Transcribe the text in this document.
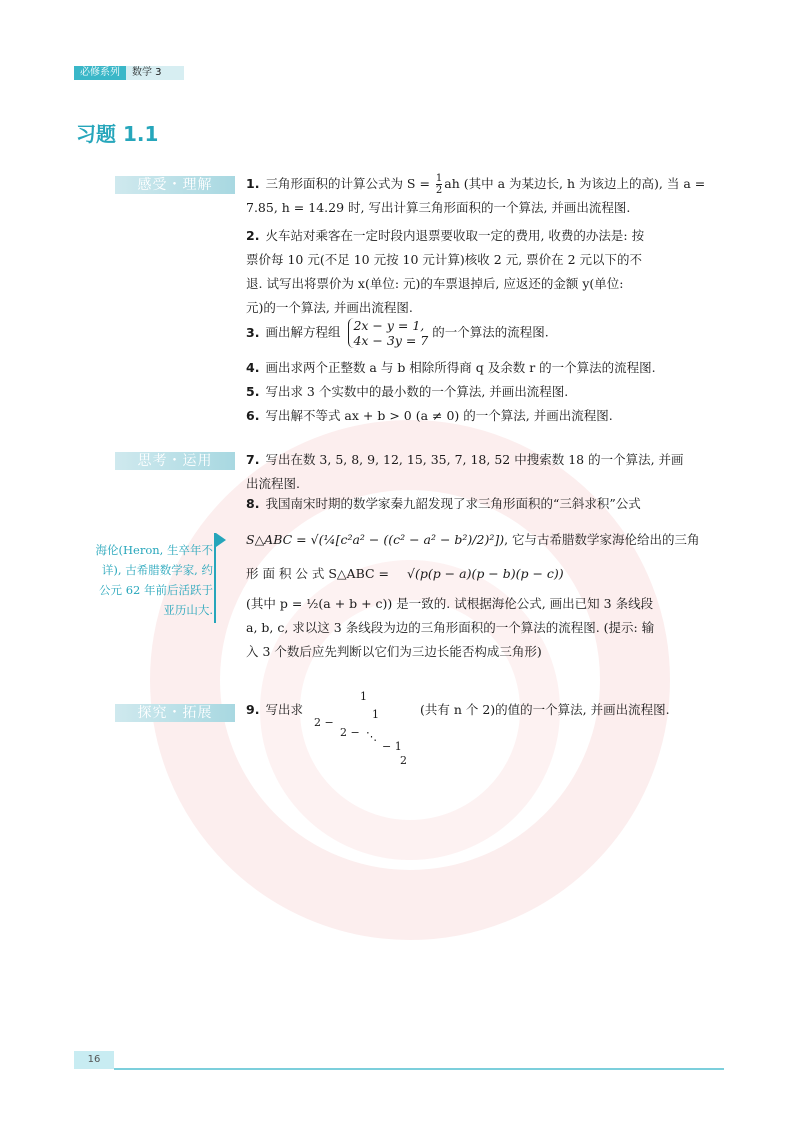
必修系列	数学 3
习题 1.1
感受・理解
思考・运用
探究・拓展
1. 三角形面积的计算公式为 $S = \frac{1}{2}$ ah (其中 a 为某边长, h 为该边上的高), 当 a =
7.85, h = 14.29 时, 写出计算三角形面积的一个算法, 并画出流程图.
2. 火车站对乘客在一定时段内退票要收取一定的费用, 收费的办法是: 按
票价每 10 元(不足 10 元按 10 元计算)核收 2 元, 票价在 2 元以下的不
退. 试写出将票价为 x(单位: 元)的车票退掉后, 应返还的金额 y(单位:
元)的一个算法, 并画出流程图.
3. 画出解方程组 2x − y = 1,
4x − 3y = 7的一个算法的流程图.
4. 画出求两个正整数 a 与 b 相除所得商 q 及余数 r 的一个算法的流程图.
5. 写出求 3 个实数中的最小数的一个算法, 并画出流程图.
6. 写出解不等式 ax + b > 0 (a ≠ 0) 的一个算法, 并画出流程图.
7. 写出在数 3, 5, 8, 9, 12, 15, 35, 7, 18, 52 中搜索数 18 的一个算法, 并画
出流程图.
8. 我国南宋时期的数学家秦九韶发现了求三角形面积的“三斜求积”公式
S△ABC = √(¼[c²a² − ((c² − a² − b²)/2)²]), 它与古希腊数学家海伦给出的三角
形 面 积 公 式 S△ABC = √(p(p − a)(p − b)(p − c))
(其中 p = ½(a + b + c)) 是一致的. 试根据海伦公式, 画出已知 3 条线段
a, b, c, 求以这 3 条线段为边的三角形面积的一个算法的流程图. (提示: 输
入 3 个数后应先判断以它们为三边长能否构成三角形)
海伦(Heron, 生卒年不详), 古希腊数学家, 约公元 62 年前后活跃于亚历山大.
9. 写出求
1
1
2 −
2 − ⋱
− 1
2
(共有 n 个 2)的值的一个算法, 并画出流程图.
16
